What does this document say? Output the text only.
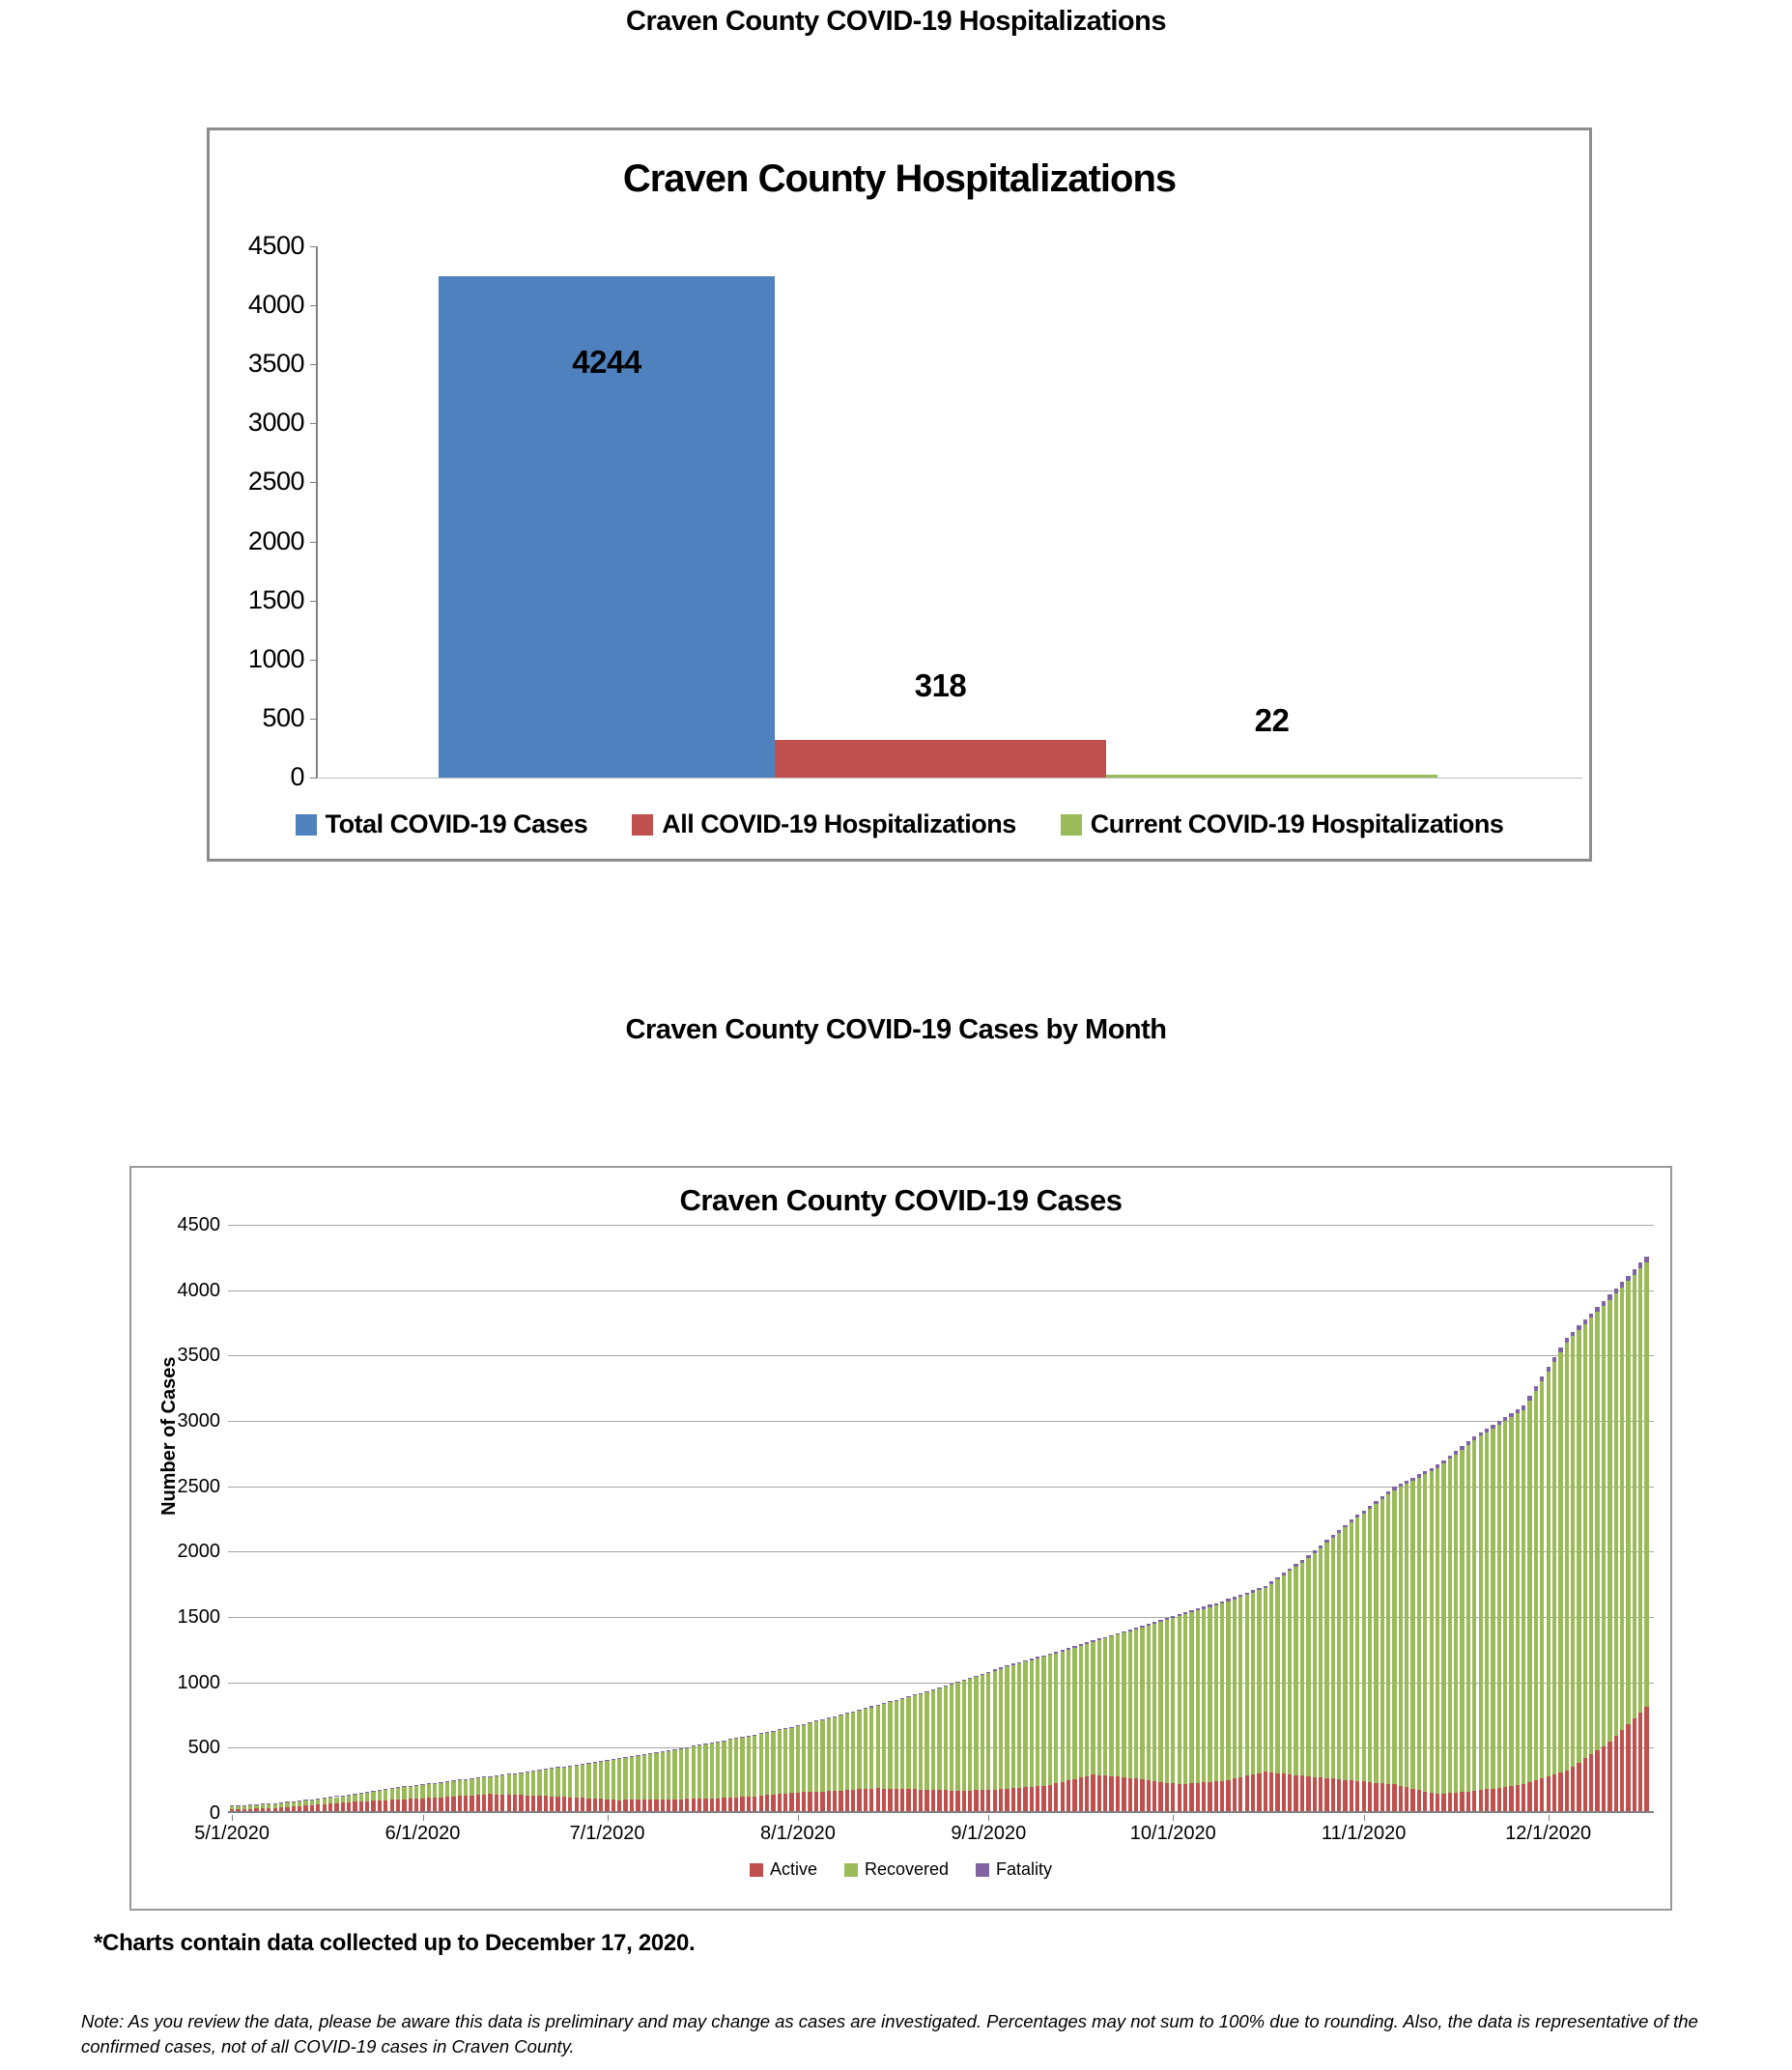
Craven County COVID-19 Hospitalizations
Craven County Hospitalizations
0
500
1000
1500
2000
2500
3000
3500
4000
4500
4244
318
22
Total COVID-19 Cases	All COVID-19 Hospitalizations	Current COVID-19 Hospitalizations
Craven County COVID-19 Cases by Month
Craven County COVID-19 Cases
Number of Cases
0
500
1000
1500
2000
2500
3000
3500
4000
4500
5/1/2020	6/1/2020	7/1/2020	8/1/2020	9/1/2020	10/1/2020	11/1/2020	12/1/2020
Active	Recovered	Fatality
*Charts contain data collected up to December 17, 2020.
Note: As you review the data, please be aware this data is preliminary and may change as cases are investigated. Percentages may not sum to 100% due to rounding. Also, the data is representative of the confirmed cases, not of all COVID-19 cases in Craven County.
